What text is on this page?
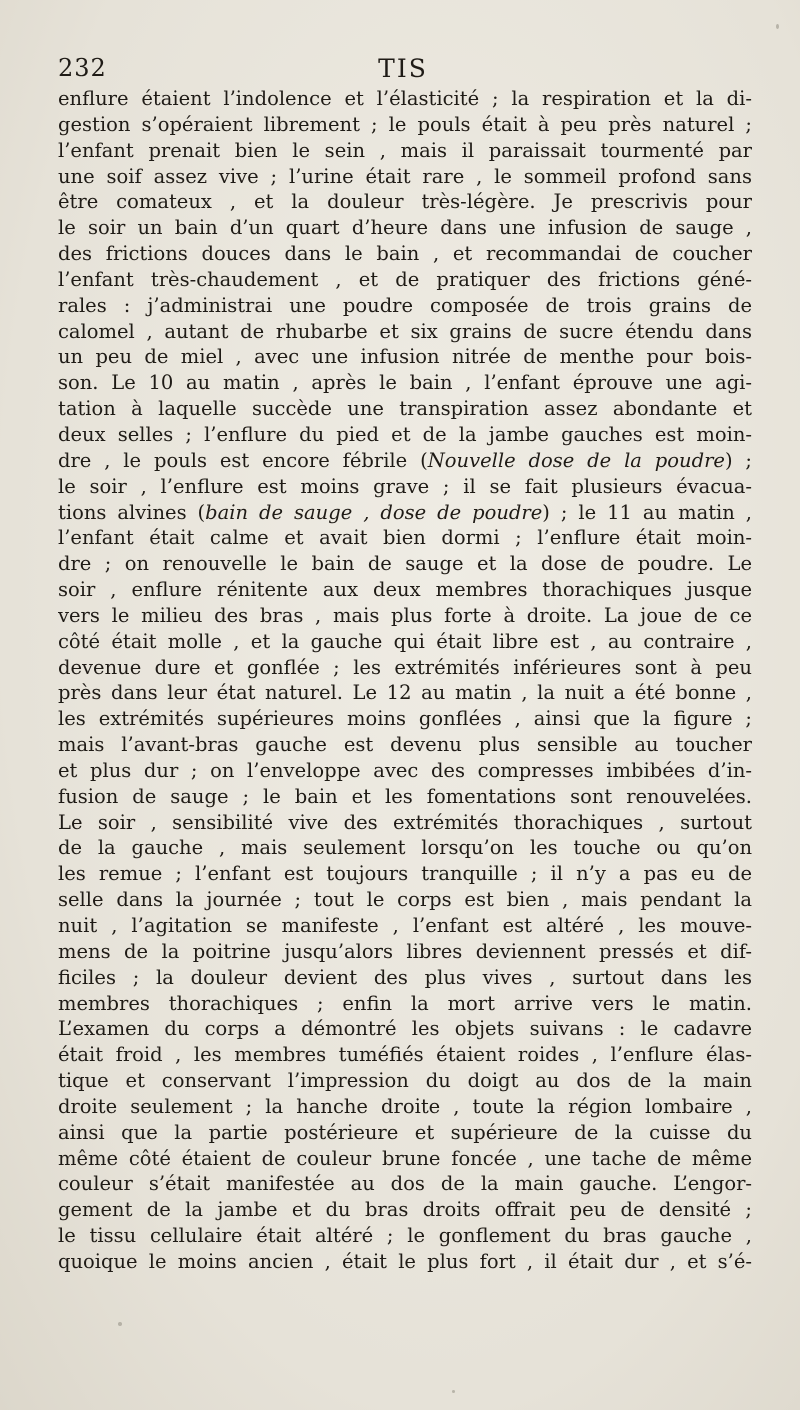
232	TIS
enflure étaient l’indolence et l’élasticité ; la respiration et la di-
gestion s’opéraient librement ; le pouls était à peu près naturel ;
l’enfant prenait bien le sein , mais il paraissait tourmenté par
une soif assez vive ; l’urine était rare , le sommeil profond sans
être comateux , et la douleur très-légère. Je prescrivis pour
le soir un bain d’un quart d’heure dans une infusion de sauge ,
des frictions douces dans le bain , et recommandai de coucher
l’enfant très-chaudement , et de pratiquer des frictions géné-
rales : j’administrai une poudre composée de trois grains de
calomel , autant de rhubarbe et six grains de sucre étendu dans
un peu de miel , avec une infusion nitrée de menthe pour bois-
son. Le 10 au matin , après le bain , l’enfant éprouve une agi-
tation à laquelle succède une transpiration assez abondante et
deux selles ; l’enflure du pied et de la jambe gauches est moin-
dre , le pouls est encore fébrile (Nouvelle dose de la poudre) ;
le soir , l’enflure est moins grave ; il se fait plusieurs évacua-
tions alvines (bain de sauge , dose de poudre) ; le 11 au matin ,
l’enfant était calme et avait bien dormi ; l’enflure était moin-
dre ; on renouvelle le bain de sauge et la dose de poudre. Le
soir , enflure rénitente aux deux membres thorachiques jusque
vers le milieu des bras , mais plus forte à droite. La joue de ce
côté était molle , et la gauche qui était libre est , au contraire ,
devenue dure et gonflée ; les extrémités inférieures sont à peu
près dans leur état naturel. Le 12 au matin , la nuit a été bonne ,
les extrémités supérieures moins gonflées , ainsi que la figure ;
mais l’avant-bras gauche est devenu plus sensible au toucher
et plus dur ; on l’enveloppe avec des compresses imbibées d’in-
fusion de sauge ; le bain et les fomentations sont renouvelées.
Le soir , sensibilité vive des extrémités thorachiques , surtout
de la gauche , mais seulement lorsqu’on les touche ou qu’on
les remue ; l’enfant est toujours tranquille ; il n’y a pas eu de
selle dans la journée ; tout le corps est bien , mais pendant la
nuit , l’agitation se manifeste , l’enfant est altéré , les mouve-
mens de la poitrine jusqu’alors libres deviennent pressés et dif-
ficiles ; la douleur devient des plus vives , surtout dans les
membres thorachiques ; enfin la mort arrive vers le matin.
L’examen du corps a démontré les objets suivans : le cadavre
était froid , les membres tuméfiés étaient roides , l’enflure élas-
tique et conservant l’impression du doigt au dos de la main
droite seulement ; la hanche droite , toute la région lombaire ,
ainsi que la partie postérieure et supérieure de la cuisse du
même côté étaient de couleur brune foncée , une tache de même
couleur s’était manifestée au dos de la main gauche. L’engor-
gement de la jambe et du bras droits offrait peu de densité ;
le tissu cellulaire était altéré ; le gonflement du bras gauche ,
quoique le moins ancien , était le plus fort , il était dur , et s’é-
